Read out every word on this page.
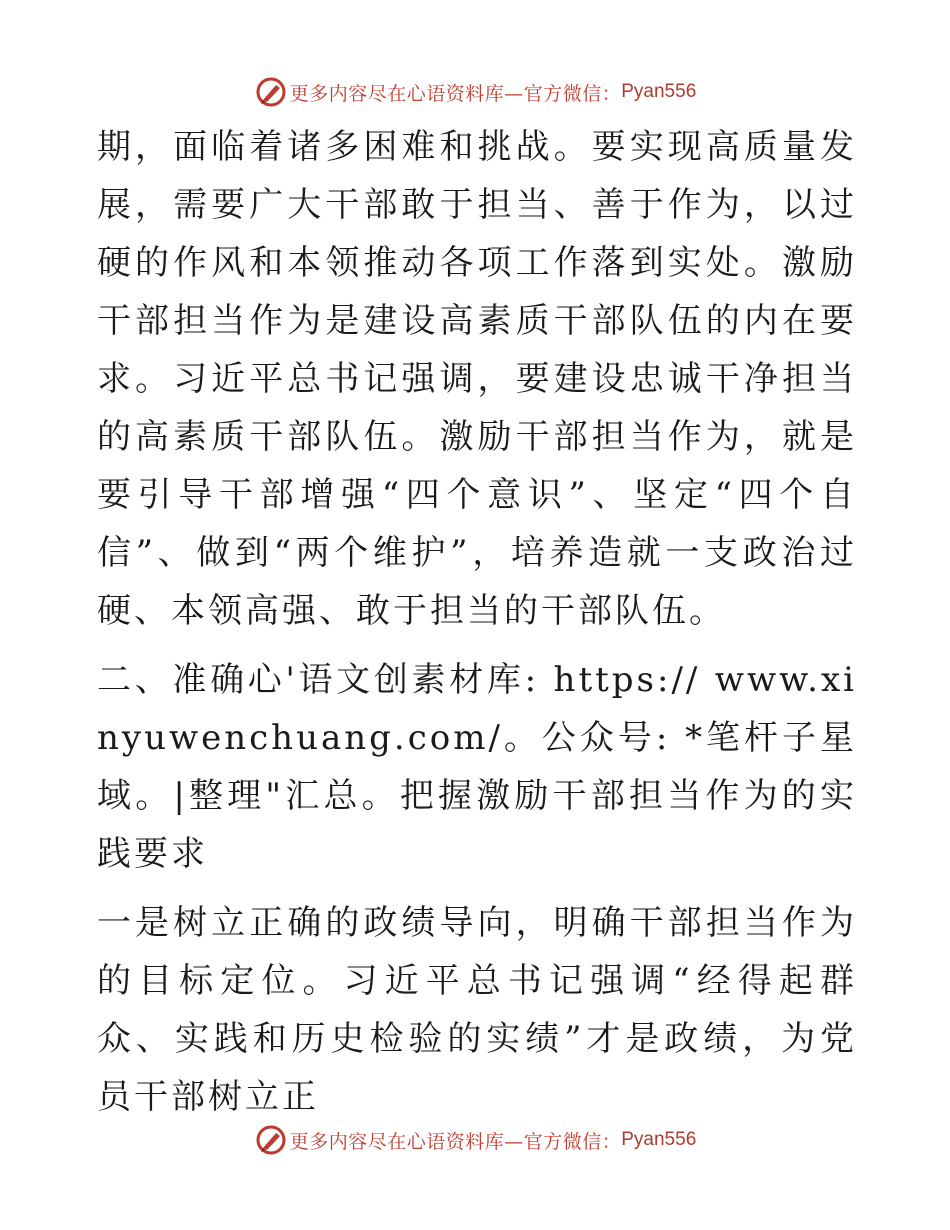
更多内容尽在心语资料库—官方微信： Pyan556

期，面临着诸多困难和挑战。要实现高质量发展，需要广大干部敢于担当、善于作为，以过硬的作风和本领推动各项工作落到实处。激励干部担当作为是建设高素质干部队伍的内在要求。习近平总书记强调，要建设忠诚干净担当的高素质干部队伍。激励干部担当作为，就是要引导干部增强“四个意识”、坚定“四个自信”、做到“两个维护”，培养造就一支政治过硬、本领高强、敢于担当的干部队伍。

二、准确心'语文创素材库: https:// www.xinyuwenchuang.com/。公众号: *笔杆子星域。|整理"汇总。把握激励干部担当作为的实践要求

一是树立正确的政绩导向，明确干部担当作为的目标定位。习近平总书记强调“经得起群众、实践和历史检验的实绩”才是政绩，为党员干部树立正

更多内容尽在心语资料库—官方微信： Pyan556
